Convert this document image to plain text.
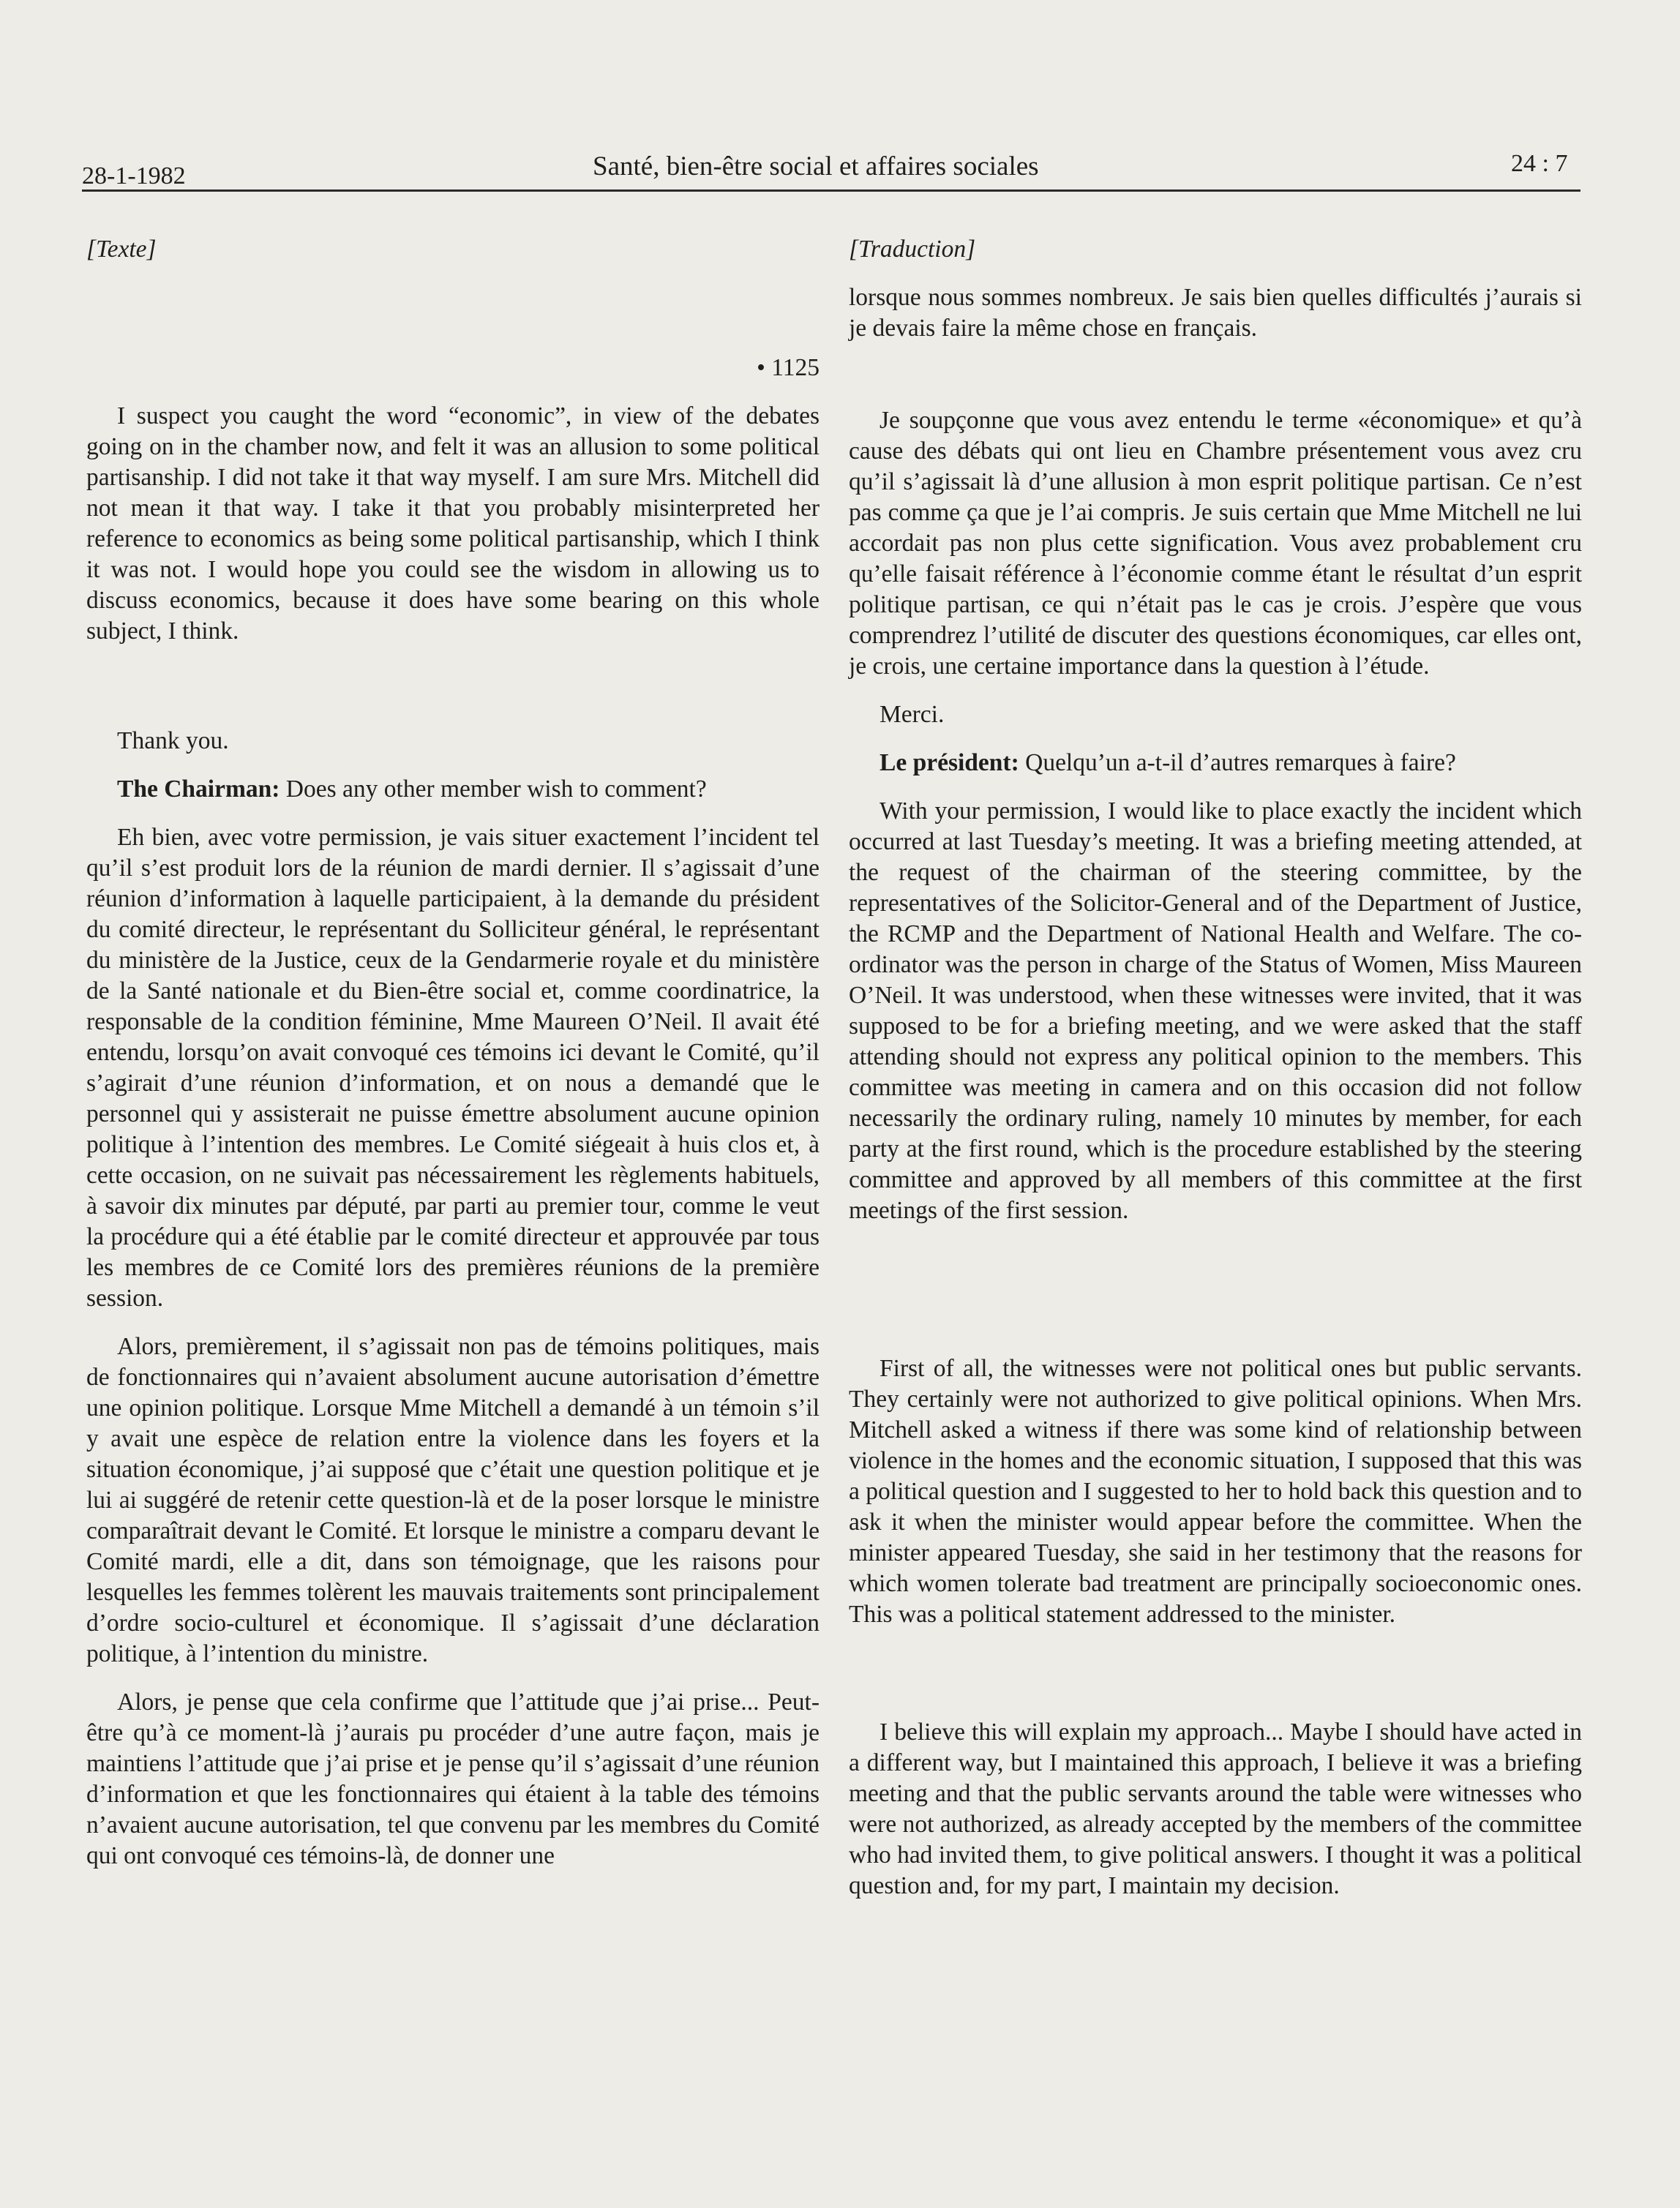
28-1-1982	Santé, bien-être social et affaires sociales	24 : 7

[Texte]

• 1125

I suspect you caught the word “economic”, in view of the debates going on in the chamber now, and felt it was an allusion to some political partisanship. I did not take it that way myself. I am sure Mrs. Mitchell did not mean it that way. I take it that you probably misinterpreted her reference to economics as being some political partisanship, which I think it was not. I would hope you could see the wisdom in allowing us to discuss economics, because it does have some bearing on this whole subject, I think.

Thank you.

The Chairman: Does any other member wish to comment?

Eh bien, avec votre permission, je vais situer exactement l’incident tel qu’il s’est produit lors de la réunion de mardi dernier. Il s’agissait d’une réunion d’information à laquelle participaient, à la demande du président du comité directeur, le représentant du Solliciteur général, le représentant du ministère de la Justice, ceux de la Gendarmerie royale et du ministère de la Santé nationale et du Bien-être social et, comme coordinatrice, la responsable de la condition féminine, Mme Maureen O’Neil. Il avait été entendu, lorsqu’on avait convoqué ces témoins ici devant le Comité, qu’il s’agirait d’une réunion d’information, et on nous a demandé que le personnel qui y assisterait ne puisse émettre absolument aucune opinion politique à l’intention des membres. Le Comité siégeait à huis clos et, à cette occasion, on ne suivait pas nécessairement les règlements habituels, à savoir dix minutes par député, par parti au premier tour, comme le veut la procédure qui a été établie par le comité directeur et approuvée par tous les membres de ce Comité lors des premières réunions de la première session.

Alors, premièrement, il s’agissait non pas de témoins politiques, mais de fonctionnaires qui n’avaient absolument aucune autorisation d’émettre une opinion politique. Lorsque Mme Mitchell a demandé à un témoin s’il y avait une espèce de relation entre la violence dans les foyers et la situation économique, j’ai supposé que c’était une question politique et je lui ai suggéré de retenir cette question-là et de la poser lorsque le ministre comparaîtrait devant le Comité. Et lorsque le ministre a comparu devant le Comité mardi, elle a dit, dans son témoignage, que les raisons pour lesquelles les femmes tolèrent les mauvais traitements sont principalement d’ordre socio-culturel et économique. Il s’agissait d’une déclaration politique, à l’intention du ministre.

Alors, je pense que cela confirme que l’attitude que j’ai prise... Peut-être qu’à ce moment-là j’aurais pu procéder d’une autre façon, mais je maintiens l’attitude que j’ai prise et je pense qu’il s’agissait d’une réunion d’information et que les fonctionnaires qui étaient à la table des témoins n’avaient aucune autorisation, tel que convenu par les membres du Comité qui ont convoqué ces témoins-là, de donner une

[Traduction]

lorsque nous sommes nombreux. Je sais bien quelles difficultés j’aurais si je devais faire la même chose en français.

Je soupçonne que vous avez entendu le terme «économique» et qu’à cause des débats qui ont lieu en Chambre présentement vous avez cru qu’il s’agissait là d’une allusion à mon esprit politique partisan. Ce n’est pas comme ça que je l’ai compris. Je suis certain que Mme Mitchell ne lui accordait pas non plus cette signification. Vous avez probablement cru qu’elle faisait référence à l’économie comme étant le résultat d’un esprit politique partisan, ce qui n’était pas le cas je crois. J’espère que vous comprendrez l’utilité de discuter des questions économiques, car elles ont, je crois, une certaine importance dans la question à l’étude.

Merci.

Le président: Quelqu’un a-t-il d’autres remarques à faire?

With your permission, I would like to place exactly the incident which occurred at last Tuesday’s meeting. It was a briefing meeting attended, at the request of the chairman of the steering committee, by the representatives of the Solicitor-General and of the Department of Justice, the RCMP and the Department of National Health and Welfare. The co-ordinator was the person in charge of the Status of Women, Miss Maureen O’Neil. It was understood, when these witnesses were invited, that it was supposed to be for a briefing meeting, and we were asked that the staff attending should not express any political opinion to the members. This committee was meeting in camera and on this occasion did not follow necessarily the ordinary ruling, namely 10 minutes by member, for each party at the first round, which is the procedure established by the steering committee and approved by all members of this committee at the first meetings of the first session.

First of all, the witnesses were not political ones but public servants. They certainly were not authorized to give political opinions. When Mrs. Mitchell asked a witness if there was some kind of relationship between violence in the homes and the economic situation, I supposed that this was a political question and I suggested to her to hold back this question and to ask it when the minister would appear before the committee. When the minister appeared Tuesday, she said in her testimony that the reasons for which women tolerate bad treatment are principally socioeconomic ones. This was a political statement addressed to the minister.

I believe this will explain my approach... Maybe I should have acted in a different way, but I maintained this approach, I believe it was a briefing meeting and that the public servants around the table were witnesses who were not authorized, as already accepted by the members of the committee who had invited them, to give political answers. I thought it was a political question and, for my part, I maintain my decision.
